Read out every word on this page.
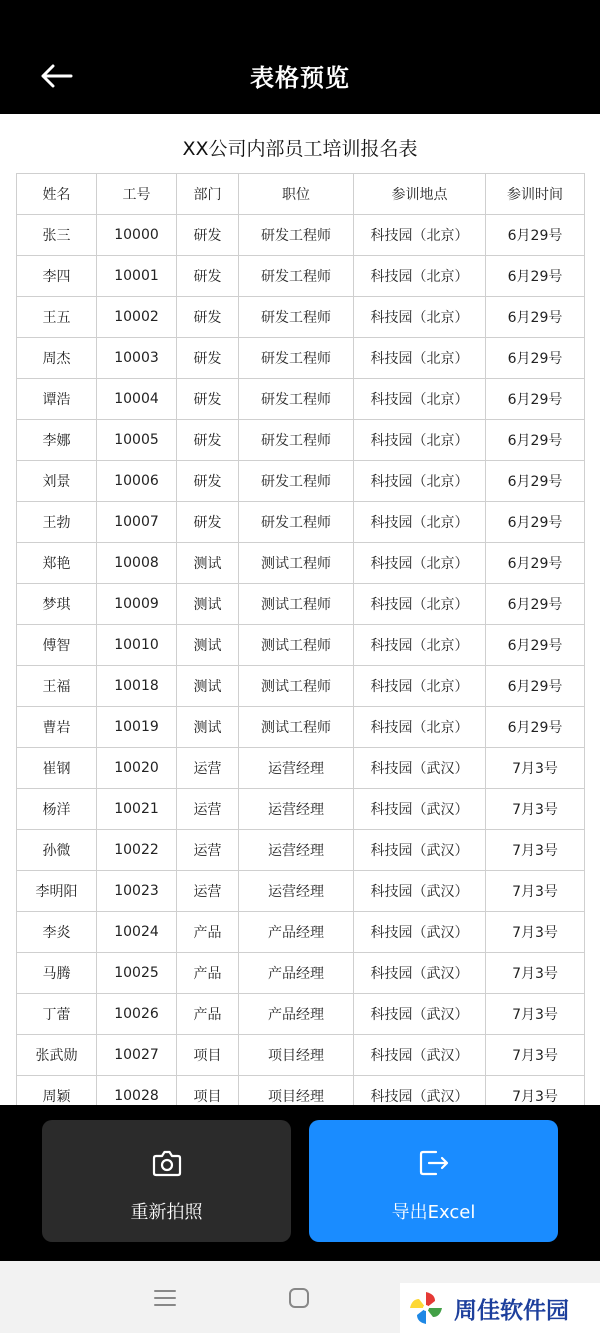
表格预览
XX公司内部员工培训报名表
姓名	工号	部门	职位	参训地点	参训时间
张三	10000	研发	研发工程师	科技园（北京）	6月29号
李四	10001	研发	研发工程师	科技园（北京）	6月29号
王五	10002	研发	研发工程师	科技园（北京）	6月29号
周杰	10003	研发	研发工程师	科技园（北京）	6月29号
谭浩	10004	研发	研发工程师	科技园（北京）	6月29号
李娜	10005	研发	研发工程师	科技园（北京）	6月29号
刘景	10006	研发	研发工程师	科技园（北京）	6月29号
王勃	10007	研发	研发工程师	科技园（北京）	6月29号
郑艳	10008	测试	测试工程师	科技园（北京）	6月29号
梦琪	10009	测试	测试工程师	科技园（北京）	6月29号
傅智	10010	测试	测试工程师	科技园（北京）	6月29号
王福	10018	测试	测试工程师	科技园（北京）	6月29号
曹岩	10019	测试	测试工程师	科技园（北京）	6月29号
崔钢	10020	运营	运营经理	科技园（武汉）	7月3号
杨洋	10021	运营	运营经理	科技园（武汉）	7月3号
孙微	10022	运营	运营经理	科技园（武汉）	7月3号
李明阳	10023	运营	运营经理	科技园（武汉）	7月3号
李炎	10024	产品	产品经理	科技园（武汉）	7月3号
马腾	10025	产品	产品经理	科技园（武汉）	7月3号
丁蕾	10026	产品	产品经理	科技园（武汉）	7月3号
张武勋	10027	项目	项目经理	科技园（武汉）	7月3号
周颖	10028	项目	项目经理	科技园（武汉）	7月3号
重新拍照	导出Excel
周佳软件园
